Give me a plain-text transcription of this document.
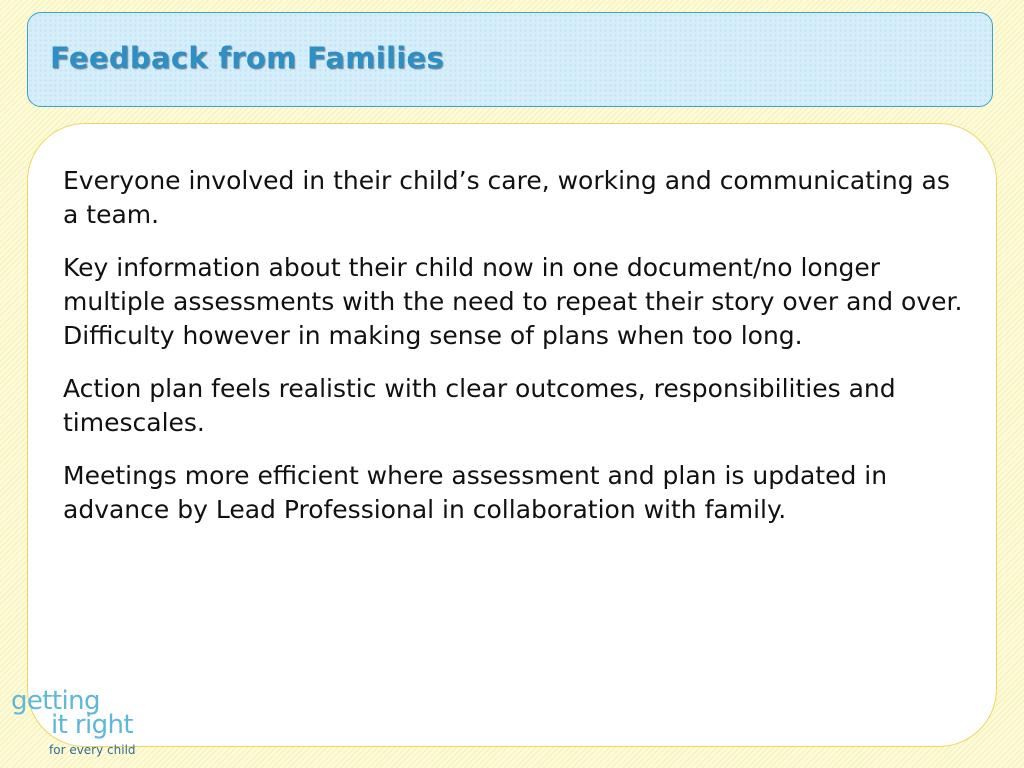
Feedback from Families

Everyone involved in their child’s care, working and communicating as a team.

Key information about their child now in one document/no longer multiple assessments with the need to repeat their story over and over. Difficulty however in making sense of plans when too long.

Action plan feels realistic with clear outcomes, responsibilities and timescales.

Meetings more efficient where assessment and plan is updated in advance by Lead Professional in collaboration with family.

getting
it right
for every child
